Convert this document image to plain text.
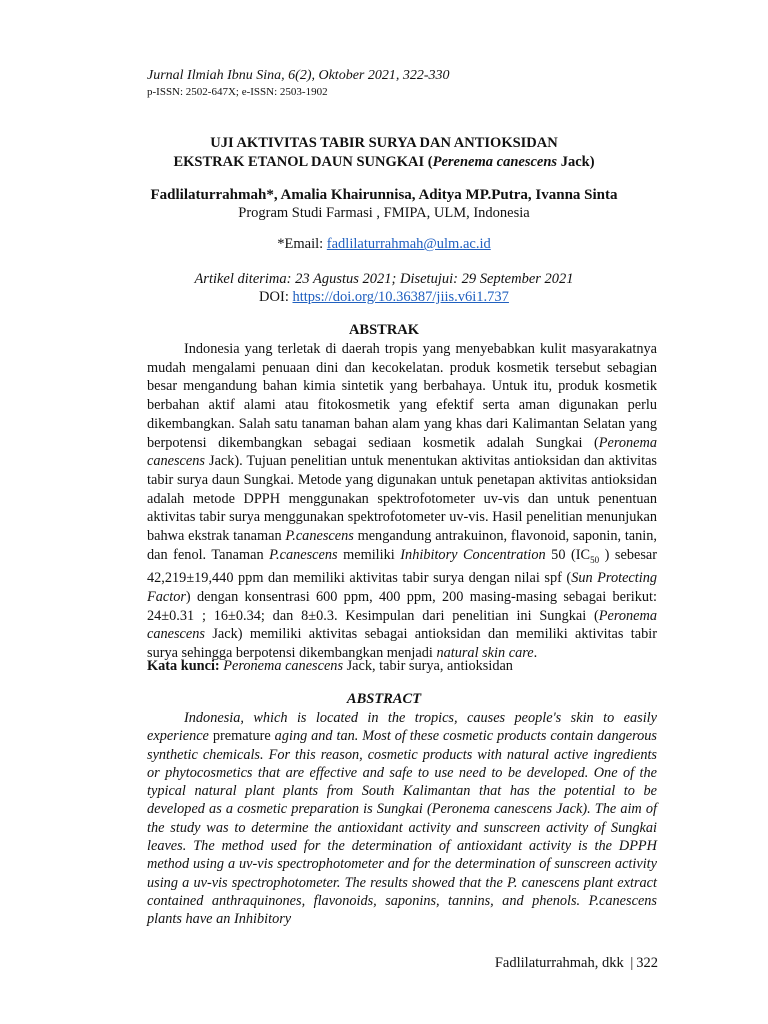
Jurnal Ilmiah Ibnu Sina, 6(2), Oktober 2021, 322-330
p-ISSN: 2502-647X; e-ISSN: 2503-1902
UJI AKTIVITAS TABIR SURYA DAN ANTIOKSIDAN
EKSTRAK ETANOL DAUN SUNGKAI (Perenema canescens Jack)
Fadlilaturrahmah*, Amalia Khairunnisa, Aditya MP.Putra, Ivanna Sinta
Program Studi Farmasi , FMIPA, ULM, Indonesia
*Email: fadlilaturrahmah@ulm.ac.id
Artikel diterima: 23 Agustus 2021; Disetujui: 29 September 2021
DOI: https://doi.org/10.36387/jiis.v6i1.737
ABSTRAK

Indonesia yang terletak di daerah tropis yang menyebabkan kulit masyarakatnya mudah mengalami penuaan dini dan kecokelatan. produk kosmetik tersebut sebagian besar mengandung bahan kimia sintetik yang berbahaya. Untuk itu, produk kosmetik berbahan aktif alami atau fitokosmetik yang efektif serta aman digunakan perlu dikembangkan. Salah satu tanaman bahan alam yang khas dari Kalimantan Selatan yang berpotensi dikembangkan sebagai sediaan kosmetik adalah Sungkai (Peronema canescens Jack). Tujuan penelitian untuk menentukan aktivitas antioksidan dan aktivitas tabir surya daun Sungkai. Metode yang digunakan untuk penetapan aktivitas antioksidan adalah metode DPPH menggunakan spektrofotometer uv-vis dan untuk penentuan aktivitas tabir surya menggunakan spektrofotometer uv-vis. Hasil penelitian menunjukan bahwa ekstrak tanaman P.canescens mengandung antrakuinon, flavonoid, saponin, tanin, dan fenol. Tanaman P.canescens memiliki Inhibitory Concentration 50 ($IC_{50}$ ) sebesar 42,219±19,440 ppm dan memiliki aktivitas tabir surya dengan nilai spf (Sun Protecting Factor) dengan konsentrasi 600 ppm, 400 ppm, 200 masing-masing sebagai berikut: 24±0.31 ; 16±0.34; dan 8±0.3. Kesimpulan dari penelitian ini Sungkai (Peronema canescens Jack) memiliki aktivitas sebagai antioksidan dan memiliki aktivitas tabir surya sehingga berpotensi dikembangkan menjadi natural skin care.

Kata kunci: Peronema canescens Jack, tabir surya, antioksidan
ABSTRACT

Indonesia, which is located in the tropics, causes people's skin to easily experience premature aging and tan. Most of these cosmetic products contain dangerous synthetic chemicals. For this reason, cosmetic products with natural active ingredients or phytocosmetics that are effective and safe to use need to be developed. One of the typical natural plant plants from South Kalimantan that has the potential to be developed as a cosmetic preparation is Sungkai (Peronema canescens Jack). The aim of the study was to determine the antioxidant activity and sunscreen activity of Sungkai leaves. The method used for the determination of antioxidant activity is the DPPH method using a uv-vis spectrophotometer and for the determination of sunscreen activity using a uv-vis spectrophotometer. The results showed that the P. canescens plant extract contained anthraquinones, flavonoids, saponins, tannins, and phenols. P.canescens plants have an Inhibitory

Fadlilaturrahmah, dkk | 322
